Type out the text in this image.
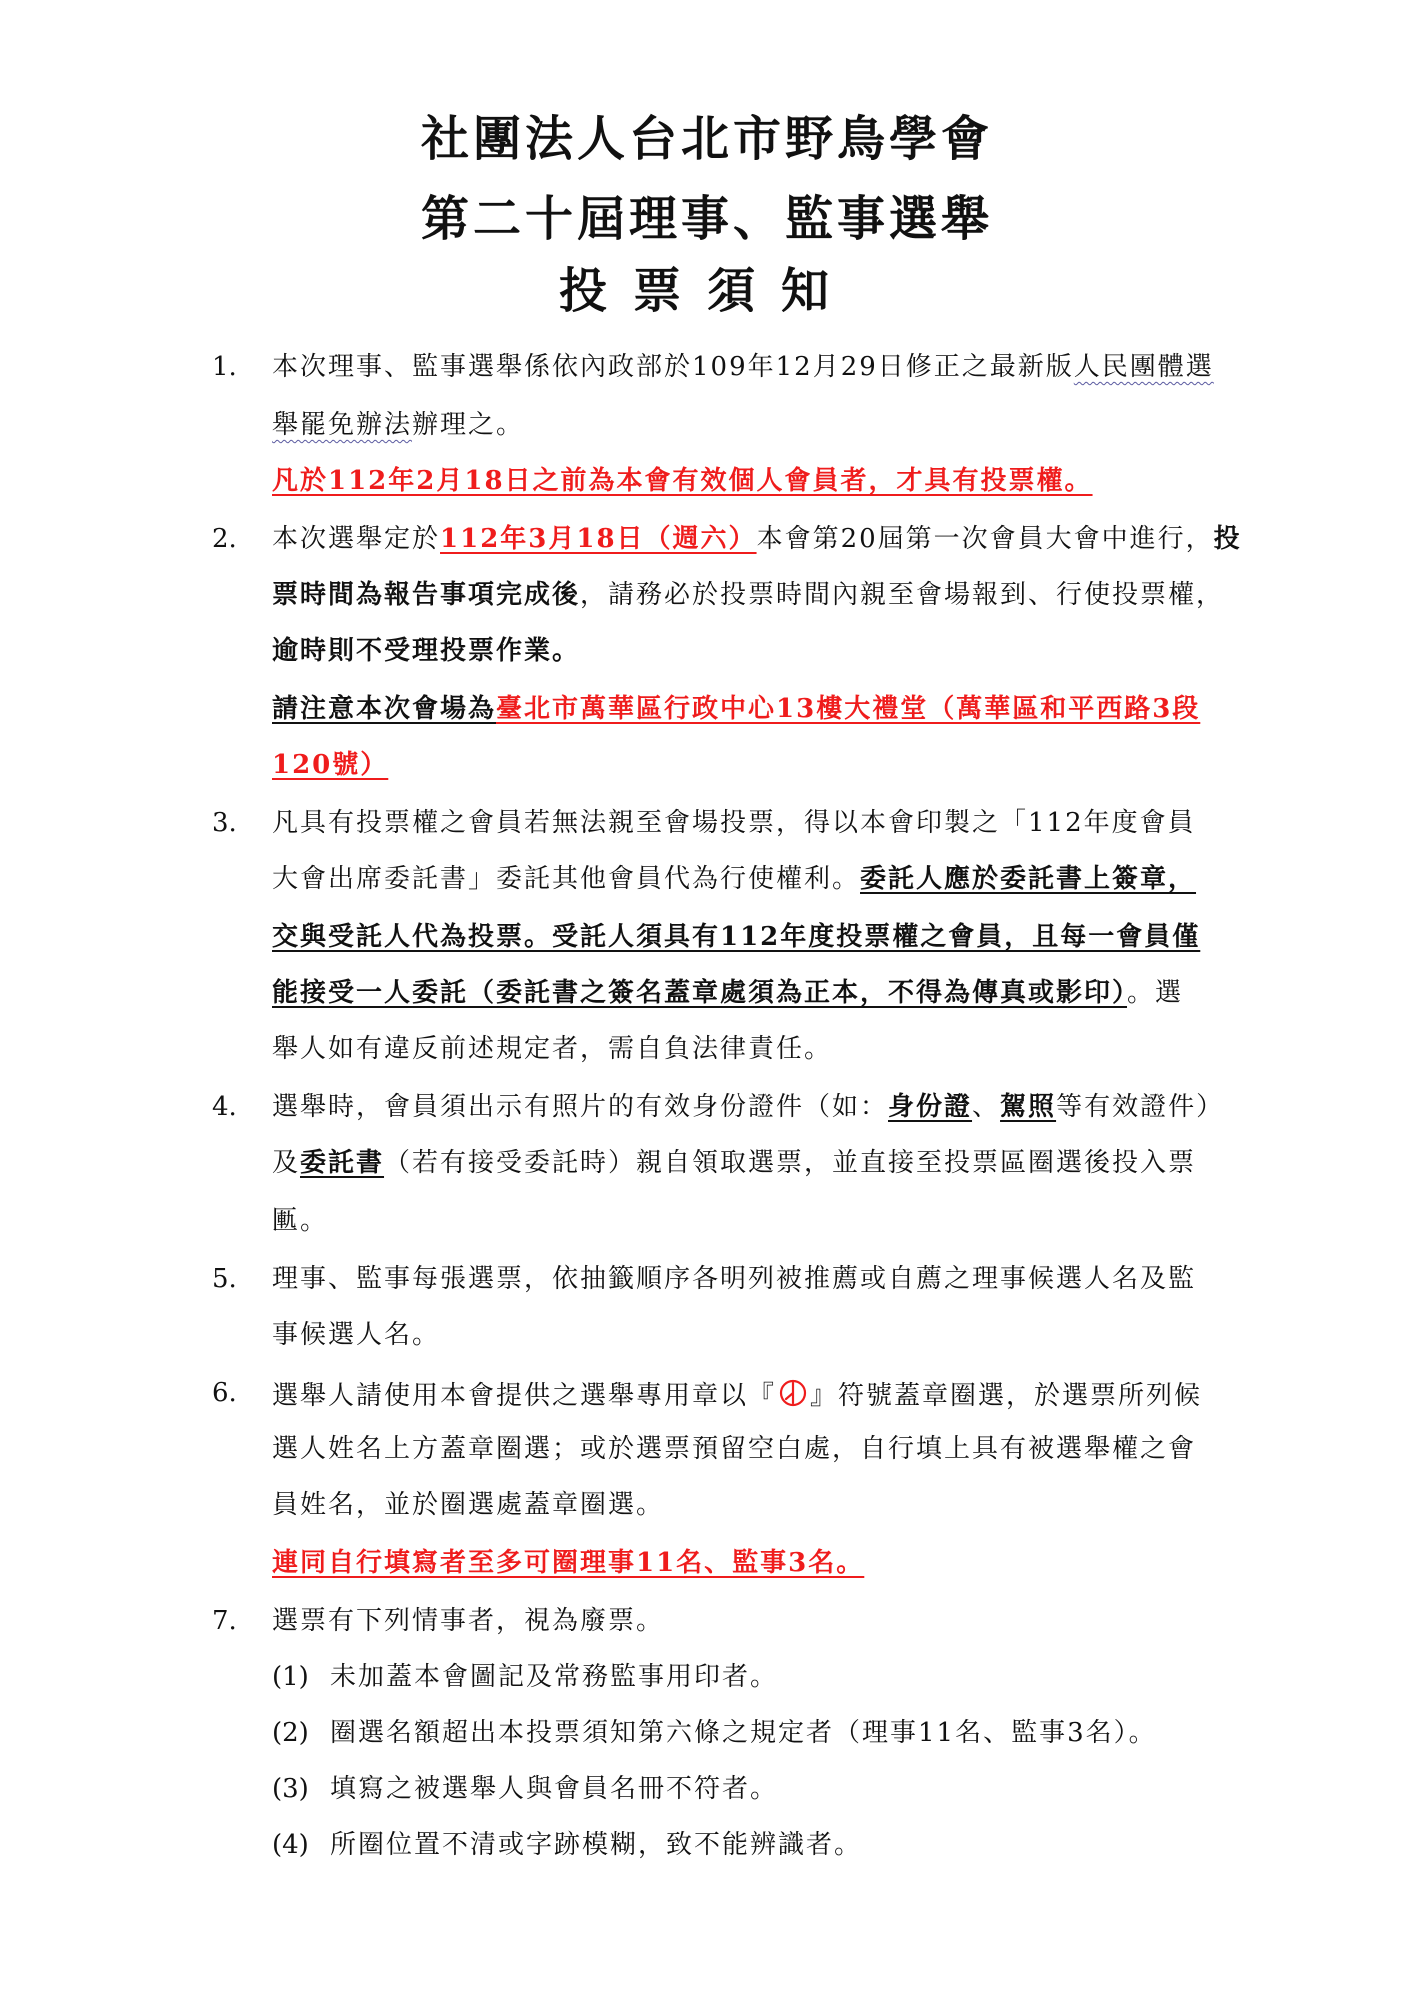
社團法人台北市野鳥學會
第二十屆理事、監事選舉
投票須知
1. 本次理事、監事選舉係依內政部於109年12月29日修正之最新版人民團體選
舉罷免辦法辦理之。
凡於112年2月18日之前為本會有效個人會員者，才具有投票權。
2. 本次選舉定於112年3月18日（週六）本會第20屆第一次會員大會中進行，投
票時間為報告事項完成後，請務必於投票時間內親至會場報到、行使投票權，
逾時則不受理投票作業。
請注意本次會場為臺北市萬華區行政中心13樓大禮堂（萬華區和平西路3段
120號）
3. 凡具有投票權之會員若無法親至會場投票，得以本會印製之「112年度會員
大會出席委託書」委託其他會員代為行使權利。委託人應於委託書上簽章，
交與受託人代為投票。受託人須具有112年度投票權之會員，且每一會員僅
能接受一人委託（委託書之簽名蓋章處須為正本，不得為傳真或影印）。選
舉人如有違反前述規定者，需自負法律責任。
4. 選舉時，會員須出示有照片的有效身份證件（如：身份證、駕照等有效證件）
及委託書（若有接受委託時）親自領取選票，並直接至投票區圈選後投入票
匭。
5. 理事、監事每張選票，依抽籤順序各明列被推薦或自薦之理事候選人名及監
事候選人名。
6. 選舉人請使用本會提供之選舉專用章以『 』符號蓋章圈選，於選票所列候
選人姓名上方蓋章圈選；或於選票預留空白處，自行填上具有被選舉權之會
員姓名，並於圈選處蓋章圈選。
連同自行填寫者至多可圈理事11名、監事3名。
7. 選票有下列情事者，視為廢票。
(1) 未加蓋本會圖記及常務監事用印者。
(2) 圈選名額超出本投票須知第六條之規定者（理事11名、監事3名）。
(3) 填寫之被選舉人與會員名冊不符者。
(4) 所圈位置不清或字跡模糊，致不能辨識者。
